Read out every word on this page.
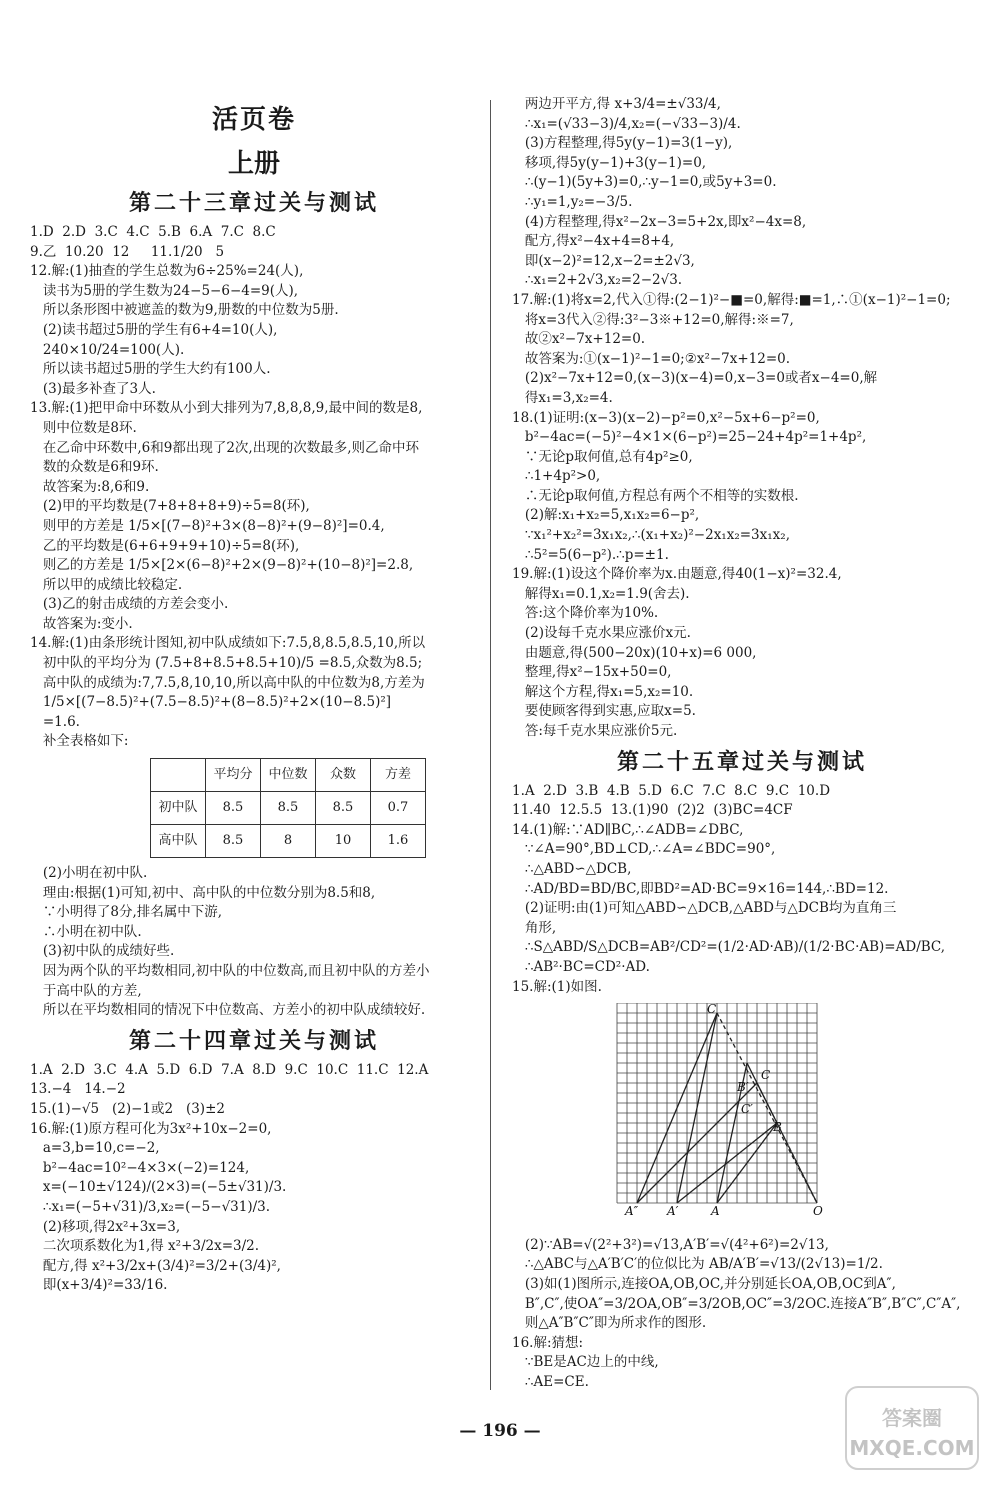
活页卷
上册
第二十三章过关与测试
1.D  2.D  3.C  4.C  5.B  6.A  7.C  8.C
9.乙  10.20  12     11.1/20   5
12.解:(1)抽查的学生总数为6÷25%=24(人),
读书为5册的学生数为24−5−6−4=9(人),
所以条形图中被遮盖的数为9,册数的中位数为5册.
(2)读书超过5册的学生有6+4=10(人),
240×10/24=100(人).
所以读书超过5册的学生大约有100人.
(3)最多补查了3人.
13.解:(1)把甲命中环数从小到大排列为7,8,8,8,9,最中间的数是8,
则中位数是8环.
在乙命中环数中,6和9都出现了2次,出现的次数最多,则乙命中环
数的众数是6和9环.
故答案为:8,6和9.
(2)甲的平均数是(7+8+8+8+9)÷5=8(环),
则甲的方差是 1/5×[(7−8)²+3×(8−8)²+(9−8)²]=0.4,
乙的平均数是(6+6+9+9+10)÷5=8(环),
则乙的方差是 1/5×[2×(6−8)²+2×(9−8)²+(10−8)²]=2.8,
所以甲的成绩比较稳定.
(3)乙的射击成绩的方差会变小.
故答案为:变小.
14.解:(1)由条形统计图知,初中队成绩如下:7.5,8,8.5,8.5,10,所以
初中队的平均分为 (7.5+8+8.5+8.5+10)/5 =8.5,众数为8.5;
高中队的成绩为:7,7.5,8,10,10,所以高中队的中位数为8,方差为
1/5×[(7−8.5)²+(7.5−8.5)²+(8−8.5)²+2×(10−8.5)²]
=1.6.
补全表格如下:
	平均分	中位数	众数	方差
初中队	8.5	8.5	8.5	0.7
高中队	8.5	8	10	1.6
(2)小明在初中队.
理由:根据(1)可知,初中、高中队的中位数分别为8.5和8,
∵小明得了8分,排名属中下游,
∴小明在初中队.
(3)初中队的成绩好些.
因为两个队的平均数相同,初中队的中位数高,而且初中队的方差小
于高中队的方差,
所以在平均数相同的情况下中位数高、方差小的初中队成绩较好.
第二十四章过关与测试
1.A  2.D  3.C  4.A  5.D  6.D  7.A  8.D  9.C  10.C  11.C  12.A
13.−4   14.−2
15.(1)−√5   (2)−1或2   (3)±2
16.解:(1)原方程可化为3x²+10x−2=0,
a=3,b=10,c=−2,
b²−4ac=10²−4×3×(−2)=124,
x=(−10±√124)/(2×3)=(−5±√31)/3.
∴x₁=(−5+√31)/3,x₂=(−5−√31)/3.
(2)移项,得2x²+3x=3,
二次项系数化为1,得 x²+3/2x=3/2.
配方,得 x²+3/2x+(3/4)²=3/2+(3/4)²,
即(x+3/4)²=33/16.
两边开平方,得 x+3/4=±√33/4,
∴x₁=(√33−3)/4,x₂=(−√33−3)/4.
(3)方程整理,得5y(y−1)=3(1−y),
移项,得5y(y−1)+3(y−1)=0,
∴(y−1)(5y+3)=0,∴y−1=0,或5y+3=0.
∴y₁=1,y₂=−3/5.
(4)方程整理,得x²−2x−3=5+2x,即x²−4x=8,
配方,得x²−4x+4=8+4,
即(x−2)²=12,x−2=±2√3,
∴x₁=2+2√3,x₂=2−2√3.
17.解:(1)将x=2,代入①得:(2−1)²−■=0,解得:■=1,∴①(x−1)²−1=0;
将x=3代入②得:3²−3※+12=0,解得:※=7,
故②x²−7x+12=0.
故答案为:①(x−1)²−1=0;②x²−7x+12=0.
(2)x²−7x+12=0,(x−3)(x−4)=0,x−3=0或者x−4=0,解
得x₁=3,x₂=4.
18.(1)证明:(x−3)(x−2)−p²=0,x²−5x+6−p²=0,
b²−4ac=(−5)²−4×1×(6−p²)=25−24+4p²=1+4p²,
∵无论p取何值,总有4p²≥0,
∴1+4p²>0,
∴无论p取何值,方程总有两个不相等的实数根.
(2)解:x₁+x₂=5,x₁x₂=6−p²,
∵x₁²+x₂²=3x₁x₂,∴(x₁+x₂)²−2x₁x₂=3x₁x₂,
∴5²=5(6−p²).∴p=±1.
19.解:(1)设这个降价率为x.由题意,得40(1−x)²=32.4,
解得x₁=0.1,x₂=1.9(舍去).
答:这个降价率为10%.
(2)设每千克水果应涨价x元.
由题意,得(500−20x)(10+x)=6 000,
整理,得x²−15x+50=0,
解这个方程,得x₁=5,x₂=10.
要使顾客得到实惠,应取x=5.
答:每千克水果应涨价5元.
第二十五章过关与测试
1.A  2.D  3.B  4.B  5.D  6.C  7.C  8.C  9.C  10.D
11.40  12.5.5  13.(1)90  (2)2  (3)BC=4CF
14.(1)解:∵AD∥BC,∴∠ADB=∠DBC,
∵∠A=90°,BD⊥CD,∴∠A=∠BDC=90°,
∴△ABD∽△DCB,
∴AD/BD=BD/BC,即BD²=AD·BC=9×16=144,∴BD=12.
(2)证明:由(1)可知△ABD∽△DCB,△ABD与△DCB均为直角三
角形,
∴S△ABD/S△DCB=AB²/CD²=(1/2·AD·AB)/(1/2·BC·AB)=AD/BC,
∴AB²·BC=CD²·AD.
15.解:(1)如图.
C
A″ A′	A
B′
B
C′
C
O
(2)∵AB=√(2²+3²)=√13,A′B′=√(4²+6²)=2√13,
∴△ABC与△A′B′C′的位似比为 AB/A′B′=√13/(2√13)=1/2.
(3)如(1)图所示,连接OA,OB,OC,并分别延长OA,OB,OC到A″,
B″,C″,使OA″=3/2OA,OB″=3/2OB,OC″=3/2OC.连接A″B″,B″C″,C″A″,
则△A″B″C″即为所求作的图形.
16.解:猜想:
∵BE是AC边上的中线,
∴AE=CE.
— 196 —
答案圈
MXQE.COM
